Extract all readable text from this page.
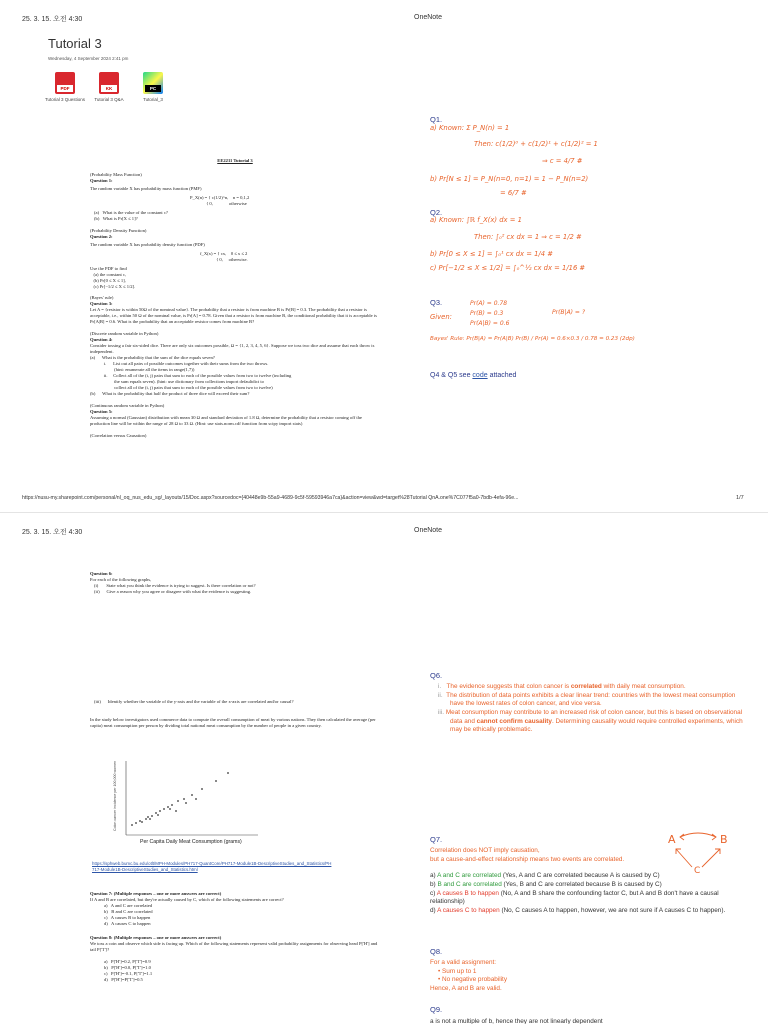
25. 3. 15. 오전 4:30	OneNote
Tutorial 3
Wednesday, 4 September 2024 2:41 pm
PDF
Tutorial 3 Questions
KK
Tutorial 3 Q&A
PC
Tutorial_3

EE2211 Tutorial 3

(Probability Mass Function)

Question 1:

The random variable X has probability mass function (PMF)

P_X(n) = { c(1/2)^n,    n = 0,1,2
{ 0,              otherwise

(a)   What is the value of the constant c?

(b)   What is Pr[X ≤ 1]?

(Probability Density Function)

Question 2:

The random variable X has probability density function (PDF)

f_X(x) = { cx,    0 ≤ x ≤ 2
{ 0,     otherwise.

Use the PDF to find
(a) the constant c,
(b) Pr[0 ≤ X ≤ 1],
(c) Pr[−1/2 ≤ X ≤ 1/2].

(Bayes' rule)

Question 3:

Let A = {resistor is within 50Ω of the nominal value}. The probability that a resistor is from machine B is Pr[B] = 0.3. The probability that a resistor is acceptable, i.e., within 50 Ω of the nominal value, is Pr[A] = 0.78. Given that a resistor is from machine B, the conditional probability that it is acceptable is Pr[A|B] = 0.6. What is the probability that an acceptable resistor comes from machine B?

(Discrete random variable in Python)

Question 4:

Consider tossing a fair six-sided dice. There are only six outcomes possible, Ω = {1, 2, 3, 4, 5, 6}. Suppose we toss two dice and assume that each throw is independent.

(a)      What is the probability that the sum of the dice equals seven?
i.      List out all pairs of possible outcomes together with their sums from the two throws.
(hint: enumerate all the items in range(1,7))
ii.     Collect all of the (i, j) pairs that sum to each of the possible values from two to twelve (including
the sum equals seven). (hint: use dictionary from collections import defaultdict to
collect all of the (i, j) pairs that sum to each of the possible values from two to twelve)

(b)      What is the probability that half the product of three dice will exceed their sum?

(Continuous random variable in Python)

Question 5:

Assuming a normal (Gaussian) distribution with mean 30 Ω and standard deviation of 1.8 Ω, determine the probability that a resistor coming off the production line will be within the range of 28 Ω to 33 Ω. (Hint: use stats.norm.cdf function from scipy import stats)

(Correlation versus Causation)

Q1.
a) Known: Σ P_N(n) = 1
Then: c(1/2)⁰ + c(1/2)¹ + c(1/2)² = 1
⇒ c = 4/7 #
b) Pr[N ≤ 1] = P_N(n=0, n=1) = 1 − P_N(n=2)
= 6/7 #
Q2.
a) Known: ∫ℝ f_X(x) dx = 1
Then: ∫₀² cx dx = 1 ⇒ c = 1/2 #
b) Pr[0 ≤ X ≤ 1] = ∫₀¹ cx dx = 1/4 #
c) Pr[−1/2 ≤ X ≤ 1/2] = ∫₀^½ cx dx = 1/16 #
Q3.
Given:
Pr(A) = 0.78
Pr(B) = 0.3
Pr(A|B) = 0.6
Pr(B|A) = ?
Bayes' Rule: Pr(B|A) = Pr(A|B) Pr(B) / Pr(A) = 0.6×0.3 / 0.78 = 0.23 (2dp)
Q4 & Q5 see code attached
https://nusu-my.sharepoint.com/personal/nl_oq_nus_edu_sg/_layouts/15/Doc.aspx?sourcedoc={40448e9b-55a9-4689-9c5f-59593946a7ca}&action=view&wd=target%28Tutorial QnA.one%7C077f5a0-7bdb-4efa-96e...	1/7
25. 3. 15. 오전 4:30	OneNote

Question 6:

For each of the following graphs,

(i)       State what you think the evidence is trying to suggest. Is there correlation or not?

(ii)      Give a reason why you agree or disagree with what the evidence is suggesting.

(iii)      Identify whether the variable of the y-axis and the variable of the x-axis are correlated and/or causal?

In the study below investigators used commerce data to compute the overall consumption of meat by various nations. They then calculated the average (per capita) meat consumption per person by dividing total national meat consumption by the number of people in a given country.

Colon cancer incidence per 100,000 women
Per Capita Daily Meat Consumption (grams)
https://sphweb.bumc.bu.edu/otlt/MPH-Modules/PH717-QuantCore/PH717-Module1B-DescriptiveStudies_and_Statistics/PH717-Module1B-DescriptiveStudies_and_Statistics.html

Question 7: (Multiple responses – one or more answers are correct)

If A and B are correlated, but they're actually caused by C, which of the following statements are correct?

a)   A and C are correlated

b)   B and C are correlated

c)   A causes B to happen

d)   A causes C to happen

Question 8: (Multiple responses – one or more answers are correct)

We toss a coin and observe which side is facing up. Which of the following statements represent valid probability assignments for observing head P['H'] and tail P['T']?

a)   P['H']=0.2, P['T']=0.9

b)   P['H']=0.0, P['T']=1.0

c)   P['H']=-0.1, P['T']=1.1

d)   P['H']=P['T']=0.5

Q6.
i.   The evidence suggests that colon cancer is correlated with daily meat consumption.
ii.  The distribution of data points exhibits a clear linear trend: countries with the lowest meat consumption have the lowest rates of colon cancer, and vice versa.
iii. Meat consumption may contribute to an increased risk of colon cancer, but this is based on observational data and cannot confirm causality. Determining causality would require controlled experiments, which may be ethically problematic.
Q7.

Correlation does NOT imply causation,

but a cause-and-effect relationship means two events are correlated.

a) A and C are correlated (Yes, A and C are correlated because A is caused by C)

b) B and C are correlated (Yes, B and C are correlated because B is caused by C)

c) A causes B to happen (No, A and B share the confounding factor C, but A and B don't have a causal relationship)

d) A causes C to happen (No, C causes A to happen, however, we are not sure if A causes C to happen).

A	B
C
Q8.

For a valid assignment:

• Sum up to 1
• No negative probability

Hence, A and B are valid.

Q9.
a is not a multiple of b, hence they are not linearly dependent
